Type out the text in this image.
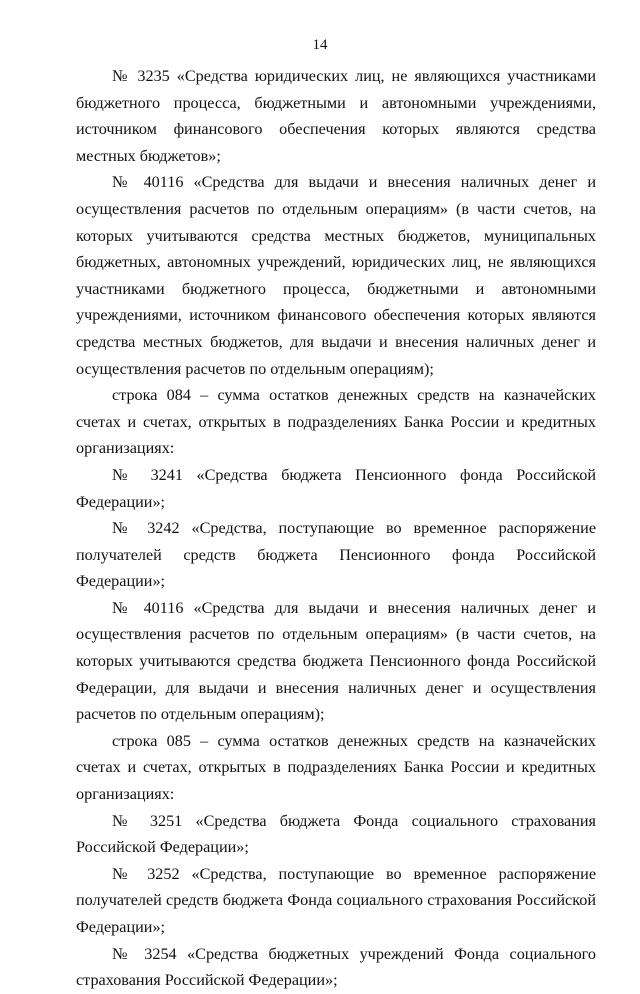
14

№ 3235 «Средства юридических лиц, не являющихся участниками бюджетного процесса, бюджетными и автономными учреждениями, источником финансового обеспечения которых являются средства местных бюджетов»;

№ 40116 «Средства для выдачи и внесения наличных денег и осуществления расчетов по отдельным операциям» (в части счетов, на которых учитываются средства местных бюджетов, муниципальных бюджетных, автономных учреждений, юридических лиц, не являющихся участниками бюджетного процесса, бюджетными и автономными учреждениями, источником финансового обеспечения которых являются средства местных бюджетов, для выдачи и внесения наличных денег и осуществления расчетов по отдельным операциям);

строка 084 – сумма остатков денежных средств на казначейских счетах и счетах, открытых в подразделениях Банка России и кредитных организациях:

№ 3241 «Средства бюджета Пенсионного фонда Российской Федерации»;

№ 3242 «Средства, поступающие во временное распоряжение получателей средств бюджета Пенсионного фонда Российской Федерации»;

№ 40116 «Средства для выдачи и внесения наличных денег и осуществления расчетов по отдельным операциям» (в части счетов, на которых учитываются средства бюджета Пенсионного фонда Российской Федерации, для выдачи и внесения наличных денег и осуществления расчетов по отдельным операциям);

строка 085 – сумма остатков денежных средств на казначейских счетах и счетах, открытых в подразделениях Банка России и кредитных организациях:

№ 3251 «Средства бюджета Фонда социального страхования Российской Федерации»;

№ 3252 «Средства, поступающие во временное распоряжение получателей средств бюджета Фонда социального страхования Российской Федерации»;

№ 3254 «Средства бюджетных учреждений Фонда социального страхования Российской Федерации»;
